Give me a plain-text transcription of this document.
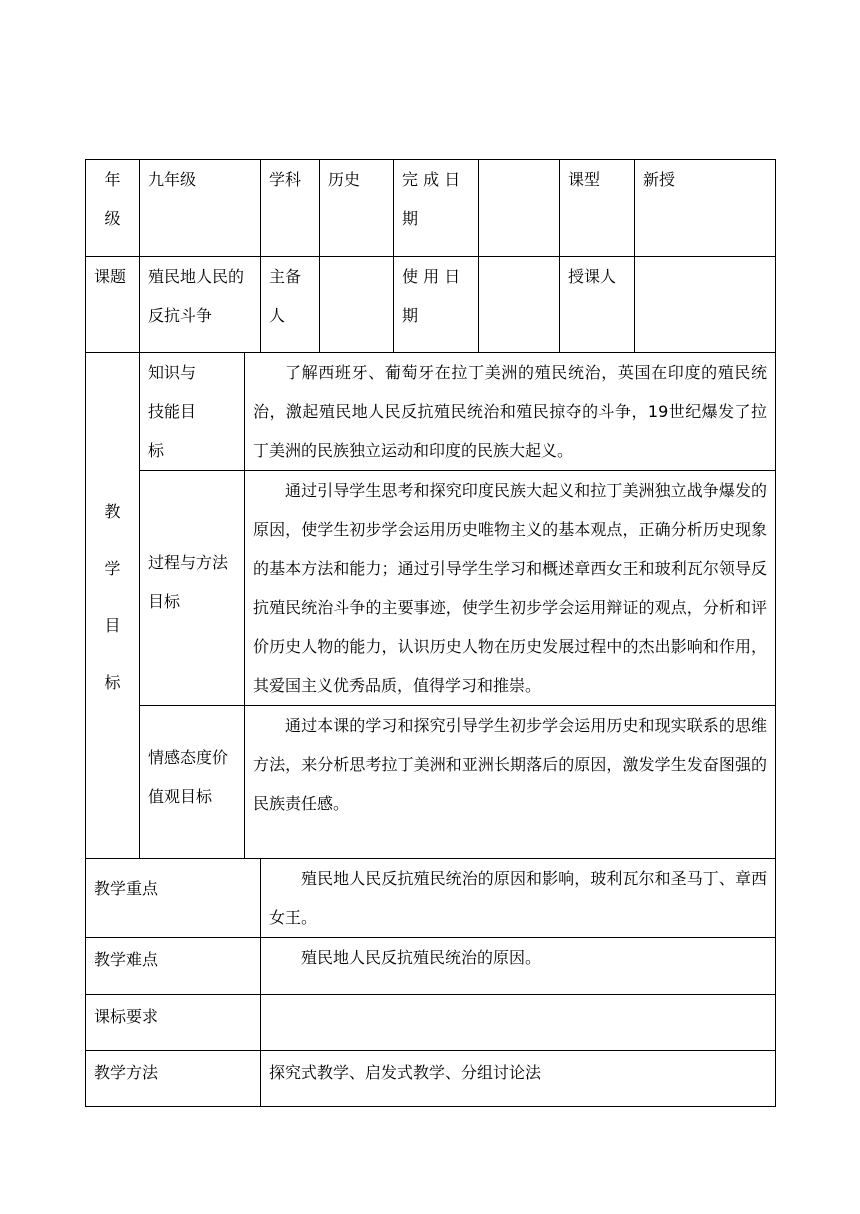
年级	九年级		学科	历史	完 成 日 期		课型	新授
课题	殖民地人民的反抗斗争		主备人		使 用 日 期		授课人	

教
学
目
标	知识与技能目标	了解西班牙、葡萄牙在拉丁美洲的殖民统治，英国在印度的殖民统治，激起殖民地人民反抗殖民统治和殖民掠夺的斗争，19世纪爆发了拉丁美洲的民族独立运动和印度的民族大起义。						
	过程与方法目标	通过引导学生思考和探究印度民族大起义和拉丁美洲独立战争爆发的原因，使学生初步学会运用历史唯物主义的基本观点，正确分析历史现象的基本方法和能力；通过引导学生学习和概述章西女王和玻利瓦尔领导反抗殖民统治斗争的主要事迹，使学生初步学会运用辩证的观点，分析和评价历史人物的能力，认识历史人物在历史发展过程中的杰出影响和作用，其爱国主义优秀品质，值得学习和推崇。						
	情感态度价值观目标	通过本课的学习和探究引导学生初步学会运用历史和现实联系的思维方法，来分析思考拉丁美洲和亚洲长期落后的原因，激发学生发奋图强的民族责任感。						
教学重点			殖民地人民反抗殖民统治的原因和影响，玻利瓦尔和圣马丁、章西女王。					
教学难点			殖民地人民反抗殖民统治的原因。					
课标要求								
教学方法			探究式教学、启发式教学、分组讨论法					
